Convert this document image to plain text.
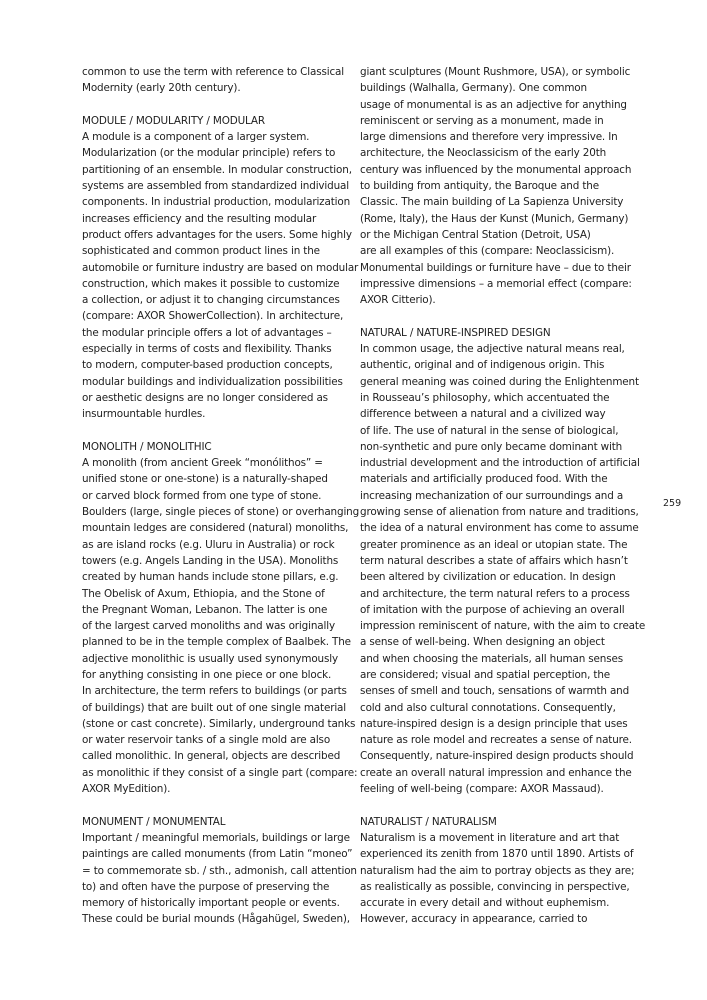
common to use the term with reference to Classical
Modernity (early 20th century).
MODULE / MODULARITY / MODULAR
A module is a component of a larger system.
Modularization (or the modular principle) refers to
partitioning of an ensemble. In modular construction,
systems are assembled from standardized individual
components. In industrial production, modularization
increases efficiency and the resulting modular
product offers advantages for the users. Some highly
sophisticated and common product lines in the
automobile or furniture industry are based on modular
construction, which makes it possible to customize
a collection, or adjust it to changing circumstances
(compare: AXOR ShowerCollection). In architecture,
the modular principle offers a lot of advantages –
especially in terms of costs and flexibility. Thanks
to modern, computer-based production concepts,
modular buildings and individualization possibilities
or aesthetic designs are no longer considered as
insurmountable hurdles.
MONOLITH / MONOLITHIC
A monolith (from ancient Greek “monólithos” =
unified stone or one-stone) is a naturally-shaped
or carved block formed from one type of stone.
Boulders (large, single pieces of stone) or overhanging
mountain ledges are considered (natural) monoliths,
as are island rocks (e.g. Uluru in Australia) or rock
towers (e.g. Angels Landing in the USA). Monoliths
created by human hands include stone pillars, e.g.
The Obelisk of Axum, Ethiopia, and the Stone of
the Pregnant Woman, Lebanon. The latter is one
of the largest carved monoliths and was originally
planned to be in the temple complex of Baalbek. The
adjective monolithic is usually used synonymously
for anything consisting in one piece or one block.
In architecture, the term refers to buildings (or parts
of buildings) that are built out of one single material
(stone or cast concrete). Similarly, underground tanks
or water reservoir tanks of a single mold are also
called monolithic. In general, objects are described
as monolithic if they consist of a single part (compare:
AXOR MyEdition).
MONUMENT / MONUMENTAL
Important / meaningful memorials, buildings or large
paintings are called monuments (from Latin “moneo”
= to commemorate sb. / sth., admonish, call attention
to) and often have the purpose of preserving the
memory of historically important people or events.
These could be burial mounds (Hågahügel, Sweden),
giant sculptures (Mount Rushmore, USA), or symbolic
buildings (Walhalla, Germany). One common
usage of monumental is as an adjective for anything
reminiscent or serving as a monument, made in
large dimensions and therefore very impressive. In
architecture, the Neoclassicism of the early 20th
century was influenced by the monumental approach
to building from antiquity, the Baroque and the
Classic. The main building of La Sapienza University
(Rome, Italy), the Haus der Kunst (Munich, Germany)
or the Michigan Central Station (Detroit, USA)
are all examples of this (compare: Neoclassicism).
Monumental buildings or furniture have – due to their
impressive dimensions – a memorial effect (compare:
AXOR Citterio).
NATURAL / NATURE-INSPIRED DESIGN
In common usage, the adjective natural means real,
authentic, original and of indigenous origin. This
general meaning was coined during the Enlightenment
in Rousseau’s philosophy, which accentuated the
difference between a natural and a civilized way
of life. The use of natural in the sense of biological,
non-synthetic and pure only became dominant with
industrial development and the introduction of artificial
materials and artificially produced food. With the
increasing mechanization of our surroundings and a
growing sense of alienation from nature and traditions,
the idea of a natural environment has come to assume
greater prominence as an ideal or utopian state. The
term natural describes a state of affairs which hasn’t
been altered by civilization or education. In design
and architecture, the term natural refers to a process
of imitation with the purpose of achieving an overall
impression reminiscent of nature, with the aim to create
a sense of well-being. When designing an object
and when choosing the materials, all human senses
are considered; visual and spatial perception, the
senses of smell and touch, sensations of warmth and
cold and also cultural connotations. Consequently,
nature-inspired design is a design principle that uses
nature as role model and recreates a sense of nature.
Consequently, nature-inspired design products should
create an overall natural impression and enhance the
feeling of well-being (compare: AXOR Massaud).
NATURALIST / NATURALISM
Naturalism is a movement in literature and art that
experienced its zenith from 1870 until 1890. Artists of
naturalism had the aim to portray objects as they are;
as realistically as possible, convincing in perspective,
accurate in every detail and without euphemism.
However, accuracy in appearance, carried to
259
